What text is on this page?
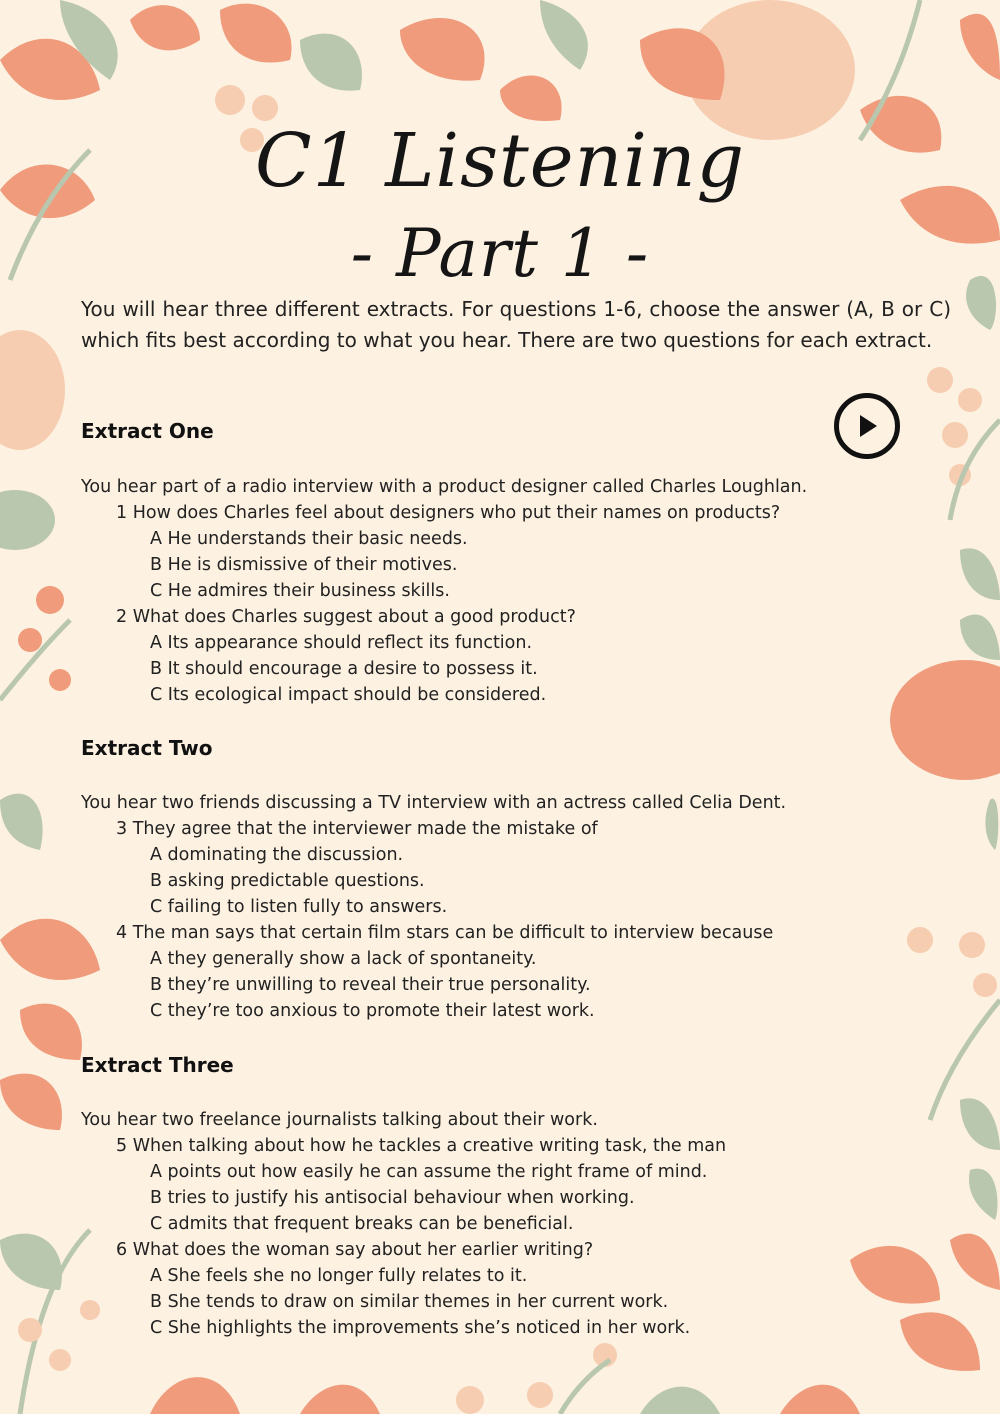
C1 Listening
- Part 1 -
You will hear three different extracts. For questions 1-6, choose the answer (A, B or C) which fits best according to what you hear. There are two questions for each extract.
Extract One
You hear part of a radio interview with a product designer called Charles Loughlan.
1 How does Charles feel about designers who put their names on products?
A He understands their basic needs.
B He is dismissive of their motives.
C He admires their business skills.
2 What does Charles suggest about a good product?
A Its appearance should reflect its function.
B It should encourage a desire to possess it.
C Its ecological impact should be considered.
Extract Two
You hear two friends discussing a TV interview with an actress called Celia Dent.
3 They agree that the interviewer made the mistake of
A dominating the discussion.
B asking predictable questions.
C failing to listen fully to answers.
4 The man says that certain film stars can be difficult to interview because
A they generally show a lack of spontaneity.
B they’re unwilling to reveal their true personality.
C they’re too anxious to promote their latest work.
Extract Three
You hear two freelance journalists talking about their work.
5 When talking about how he tackles a creative writing task, the man
A points out how easily he can assume the right frame of mind.
B tries to justify his antisocial behaviour when working.
C admits that frequent breaks can be beneficial.
6 What does the woman say about her earlier writing?
A She feels she no longer fully relates to it.
B She tends to draw on similar themes in her current work.
C She highlights the improvements she’s noticed in her work.
